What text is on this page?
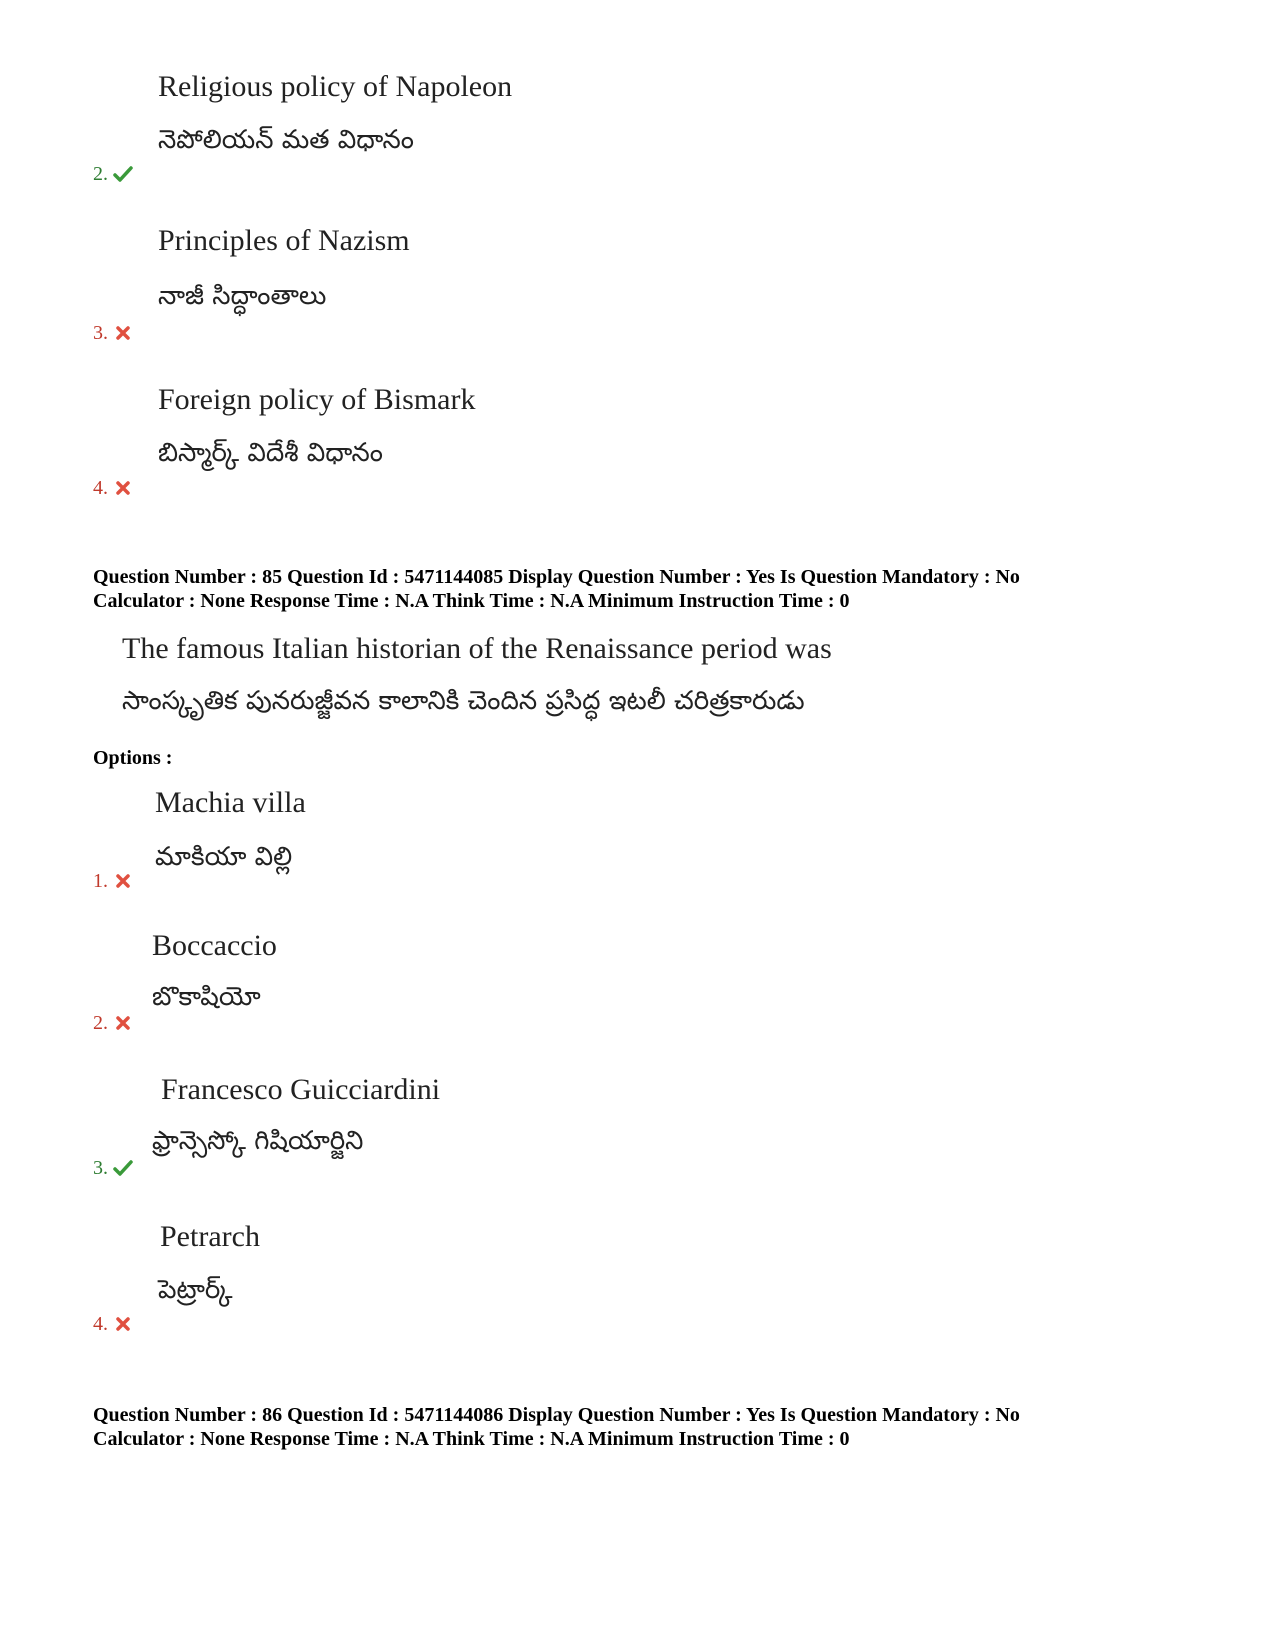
Religious policy of Napoleon
నెపోలియన్ మత విధానం
2.
Principles of Nazism
నాజీ సిద్ధాంతాలు
3.
Foreign policy of Bismark
బిస్మార్క్ విదేశీ విధానం
4.
Question Number : 85 Question Id : 5471144085 Display Question Number : Yes Is Question Mandatory : No
Calculator : None Response Time : N.A Think Time : N.A Minimum Instruction Time : 0
The famous Italian historian of the Renaissance period was
సాంస్కృతిక పునరుజ్జీవన కాలానికి చెందిన ప్రసిద్ధ ఇటలీ చరిత్రకారుడు
Options :
Machia villa
మాకియా విల్లి
1.
Boccaccio
బొకాషియో
2.
Francesco Guicciardini
ఫ్రాన్సెస్కో గిషియార్జిని
3.
Petrarch
పెట్రార్క్
4.
Question Number : 86 Question Id : 5471144086 Display Question Number : Yes Is Question Mandatory : No
Calculator : None Response Time : N.A Think Time : N.A Minimum Instruction Time : 0
